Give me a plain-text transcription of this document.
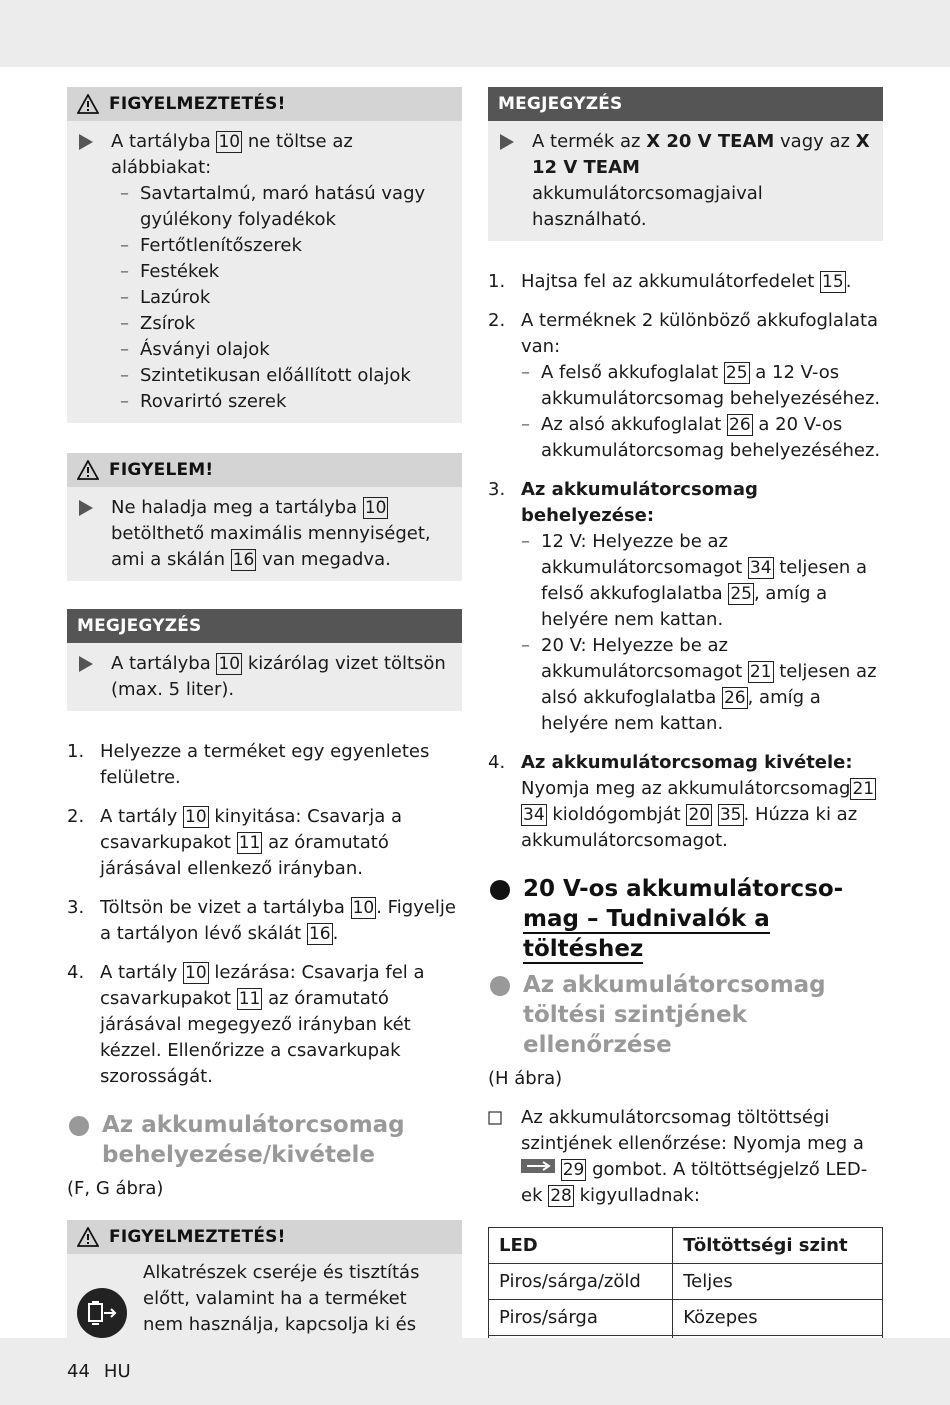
FIGYELMEZTETÉS!
A tartályba 10 ne töltse az alábbiakat:
– Savtartalmú, maró hatású vagy gyúlékony folyadékok
– Fertőtlenítőszerek
– Festékek
– Lazúrok
– Zsírok
– Ásványi olajok
– Szintetikusan előállított olajok
– Rovarirtó szerek
FIGYELEM!
Ne haladja meg a tartályba 10 betölthető maximális mennyiséget, ami a skálán 16 van megadva.
MEGJEGYZÉS
A tartályba 10 kizárólag vizet töltsön (max. 5 liter).
1. Helyezze a terméket egy egyenletes felületre.
2. A tartály 10 kinyitása: Csavarja a csavarkupakot 11 az óramutató járásával ellenkező irányban.
3. Töltsön be vizet a tartályba 10 . Figyelje a tartályon lévő skálát 16 .
4. A tartály 10 lezárása: Csavarja fel a csavarkupakot 11 az óramutató járásával megegyező irányban két kézzel. Ellenőrizze a csavarkupak szorosságát.
Az akkumulátorcsomag behelyezése/kivétele
(F, G ábra)
FIGYELMEZTETÉS!
Alkatrészek cseréje és tisztítás előtt, valamint ha a terméket nem használja, kapcsolja ki és
MEGJEGYZÉS
A termék az X 20 V TEAM vagy az X 12 V TEAM akkumulátorcsomagjaival használható.
1. Hajtsa fel az akkumulátorfedelet 15 .
2. A terméknek 2 különböző akkufoglalata van:
– A felső akkufoglalat 25 a 12 V-os akkumulátorcsomag behelyezéséhez.
– Az alsó akkufoglalat 26 a 20 V-os akkumulátorcsomag behelyezéséhez.
3. Az akkumulátorcsomag behelyezése:
– 12 V: Helyezze be az akkumulátorcsomagot 34 teljesen a felső akkufoglalatba 25 , amíg a helyére nem kattan.
– 20 V: Helyezze be az akkumulátorcsomagot 21 teljesen az alsó akkufoglalatba 26 , amíg a helyére nem kattan.
4. Az akkumulátorcsomag kivétele:
Nyomja meg az akkumulátorcsomag 21 34 kioldógombját 20 35 . Húzza ki az akkumulátorcsomagot.
20 V-os akkumulátorcso-
mag – Tudnivalók a töltéshez
Az akkumulátorcsomag töltési szintjének ellenőrzése
(H ábra)
Az akkumulátorcsomag töltöttségi szintjének ellenőrzése: Nyomja meg a  29 gombot. A töltöttségjelző LED-ek 28 kigyulladnak:
LED	Töltöttségi szint
Piros/sárga/zöld	Teljes
Piros/sárga	Közepes

44 HU
